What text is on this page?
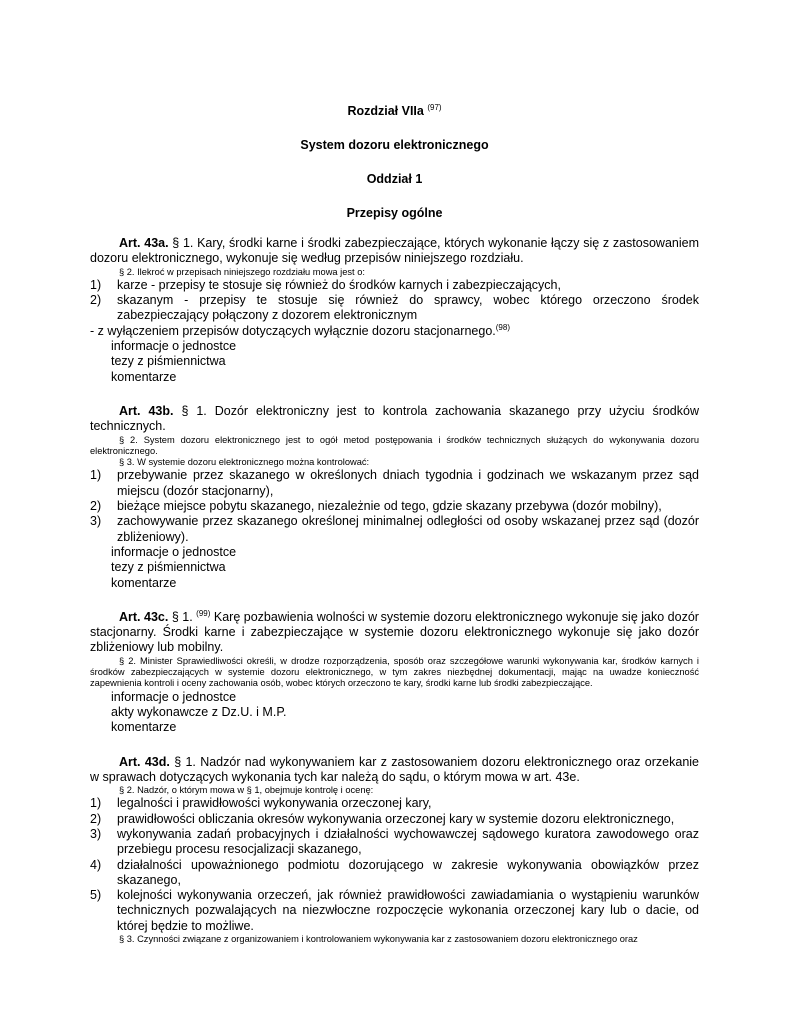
Rozdział VIIa $^{(97)}$

System dozoru elektronicznego

Oddział 1

Przepisy ogólne

Art. 43a. § 1. Kary, środki karne i środki zabezpieczające, których wykonanie łączy się z zastosowaniem dozoru elektronicznego, wykonuje się według przepisów niniejszego rozdziału.

§ 2. Ilekroć w przepisach niniejszego rozdziału mowa jest o:

1) karze - przepisy te stosuje się również do środków karnych i zabezpieczających,

2) skazanym - przepisy te stosuje się również do sprawcy, wobec którego orzeczono środek zabezpieczający połączony z dozorem elektronicznym

- z wyłączeniem przepisów dotyczących wyłącznie dozoru stacjonarnego.$^{(98)}$

informacje o jednostce

tezy z piśmiennictwa

komentarze

Art. 43b. § 1. Dozór elektroniczny jest to kontrola zachowania skazanego przy użyciu środków technicznych.

§ 2. System dozoru elektronicznego jest to ogół metod postępowania i środków technicznych służących do wykonywania dozoru elektronicznego.

§ 3. W systemie dozoru elektronicznego można kontrolować:

1) przebywanie przez skazanego w określonych dniach tygodnia i godzinach we wskazanym przez sąd miejscu (dozór stacjonarny),

2) bieżące miejsce pobytu skazanego, niezależnie od tego, gdzie skazany przebywa (dozór mobilny),

3) zachowywanie przez skazanego określonej minimalnej odległości od osoby wskazanej przez sąd (dozór zbliżeniowy).

informacje o jednostce

tezy z piśmiennictwa

komentarze

Art. 43c. § 1. $^{(99)}$ Karę pozbawienia wolności w systemie dozoru elektronicznego wykonuje się jako dozór stacjonarny. Środki karne i zabezpieczające w systemie dozoru elektronicznego wykonuje się jako dozór zbliżeniowy lub mobilny.

§ 2. Minister Sprawiedliwości określi, w drodze rozporządzenia, sposób oraz szczegółowe warunki wykonywania kar, środków karnych i środków zabezpieczających w systemie dozoru elektronicznego, w tym zakres niezbędnej dokumentacji, mając na uwadze konieczność zapewnienia kontroli i oceny zachowania osób, wobec których orzeczono te kary, środki karne lub środki zabezpieczające.

informacje o jednostce

akty wykonawcze z Dz.U. i M.P.

komentarze

Art. 43d. § 1. Nadzór nad wykonywaniem kar z zastosowaniem dozoru elektronicznego oraz orzekanie w sprawach dotyczących wykonania tych kar należą do sądu, o którym mowa w art. 43e.

§ 2. Nadzór, o którym mowa w § 1, obejmuje kontrolę i ocenę:

1) legalności i prawidłowości wykonywania orzeczonej kary,

2) prawidłowości obliczania okresów wykonywania orzeczonej kary w systemie dozoru elektronicznego,

3) wykonywania zadań probacyjnych i działalności wychowawczej sądowego kuratora zawodowego oraz przebiegu procesu resocjalizacji skazanego,

4) działalności upoważnionego podmiotu dozorującego w zakresie wykonywania obowiązków przez skazanego,

5) kolejności wykonywania orzeczeń, jak również prawidłowości zawiadamiania o wystąpieniu warunków technicznych pozwalających na niezwłoczne rozpoczęcie wykonania orzeczonej kary lub o dacie, od której będzie to możliwe.

§ 3. Czynności związane z organizowaniem i kontrolowaniem wykonywania kar z zastosowaniem dozoru elektronicznego oraz
